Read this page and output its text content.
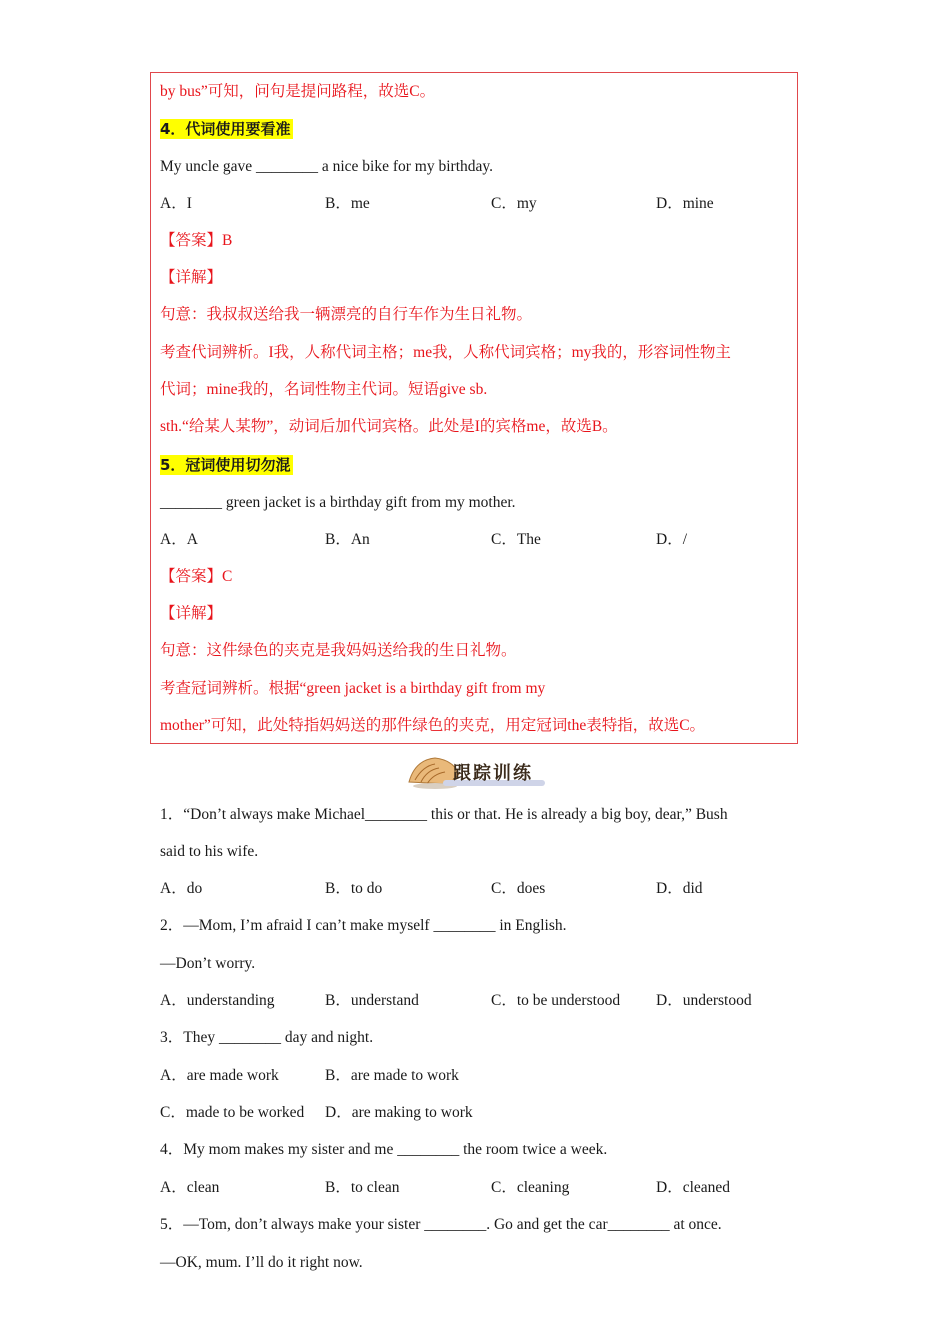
by bus”可知，问句是提问路程，故选C。
4．代词使用要看准
My uncle gave ________ a nice bike for my birthday.
A．I	B．me	C．my	D．mine
【答案】B
【详解】
句意：我叔叔送给我一辆漂亮的自行车作为生日礼物。
考查代词辨析。I我，人称代词主格；me我，人称代词宾格；my我的，形容词性物主
代词；mine我的，名词性物主代词。短语give sb.
sth.“给某人某物”，动词后加代词宾格。此处是I的宾格me，故选B。
5．冠词使用切勿混
________ green jacket is a birthday gift from my mother.
A．A	B．An	C．The	D．/
【答案】C
【详解】
句意：这件绿色的夹克是我妈妈送给我的生日礼物。
考查冠词辨析。根据“green jacket is a birthday gift from my
mother”可知，此处特指妈妈送的那件绿色的夹克，用定冠词the表特指，故选C。
跟踪训练
1．“Don’t always make Michael________ this or that. He is already a big boy, dear,” Bush
said to his wife.
A．do	B．to do	C．does	D．did
2．—Mom, I’m afraid I can’t make myself ________ in English.
—Don’t worry.
A．understanding	B．understand	C．to be understood D．understood
3．They ________ day and night.
A．are made work	B．are made to work
C．made to be worked D．are making to work
4．My mom makes my sister and me ________ the room twice a week.
A．clean	B．to clean	C．cleaning	D．cleaned
5．—Tom, don’t always make your sister ________. Go and get the car________ at once.
—OK, mum. I’ll do it right now.
